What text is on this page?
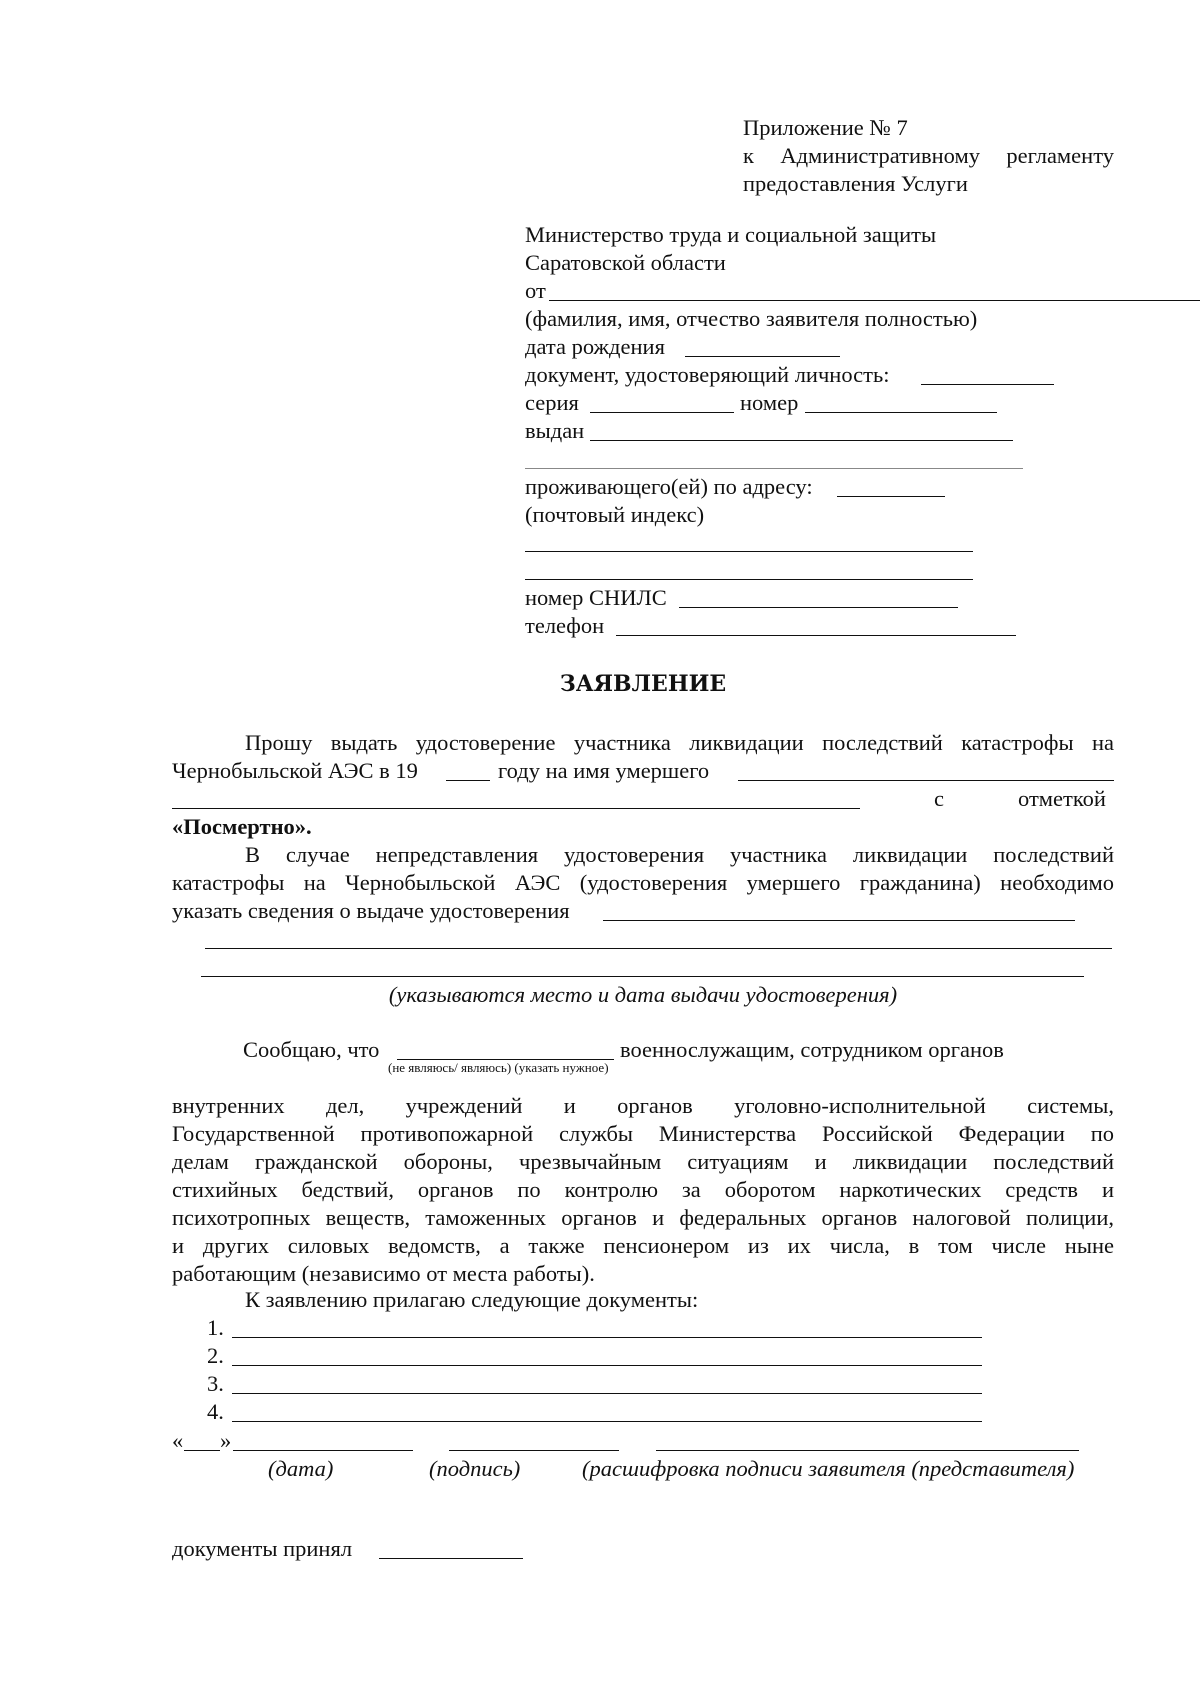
Приложение № 7
к Административному регламенту
предоставления Услуги
Министерство труда и социальной защиты
Саратовской области
от
(фамилия, имя, отчество заявителя полностью)
дата рождения
документ, удостоверяющий личность:
серия	номер
выдан
проживающего(ей) по адресу:
(почтовый индекс)
номер СНИЛС
телефон
ЗАЯВЛЕНИЕ
Прошу выдать удостоверение участника ликвидации последствий катастрофы на
Чернобыльской АЭС в 19	году на имя умершего
с	отметкой
«Посмертно».
В случае непредставления удостоверения участника ликвидации последствий
катастрофы на Чернобыльской АЭС (удостоверения умершего гражданина) необходимо
указать сведения о выдаче удостоверения
(указываются место и дата выдачи удостоверения)
Сообщаю, что	военнослужащим, сотрудником органов
(не являюсь/ являюсь) (указать нужное)
внутренних дел, учреждений и органов уголовно-исполнительной системы,
Государственной противопожарной службы Министерства Российской Федерации по
делам гражданской обороны, чрезвычайным ситуациям и ликвидации последствий
стихийных бедствий, органов по контролю за оборотом наркотических средств и
психотропных веществ, таможенных органов и федеральных органов налоговой полиции,
и других силовых ведомств, а также пенсионером из их числа, в том числе ныне
работающим (независимо от места работы).
К заявлению прилагаю следующие документы:
1.
2.
3.
4.
« »
(дата)	(подпись)	(расшифровка подписи заявителя (представителя)
документы принял
